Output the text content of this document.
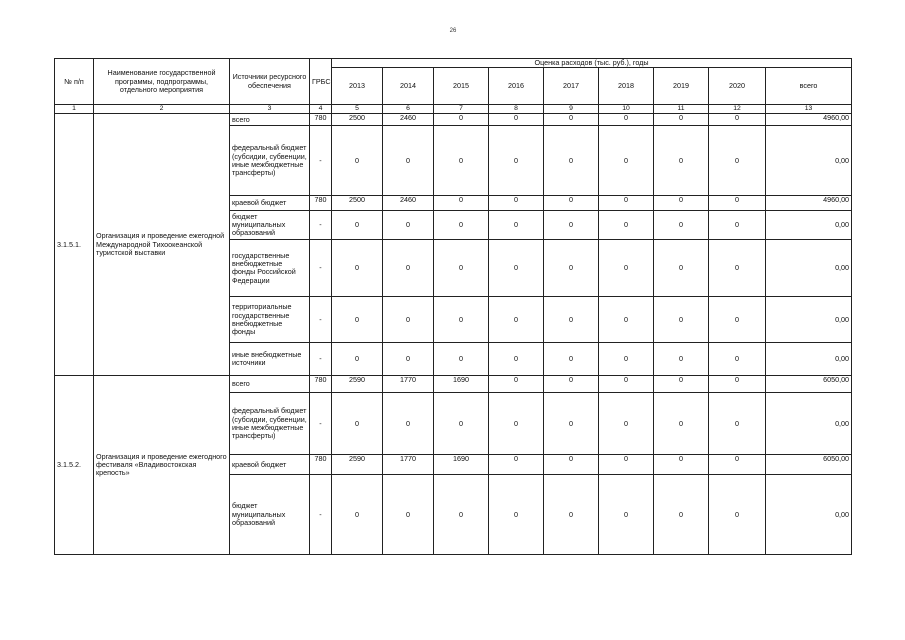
26
№ п/п	Наименование государственной программы, подпрограммы, отдельного мероприятия	Источники ресурсного обеспечения	ГРБС	Оценка расходов (тыс. руб.), годы								
				2013	2014	2015	2016	2017	2018	2019	2020	всего
1	2	3	4	5	6	7	8	9	10	11	12	13
3.1.5.1.	Организация и проведение ежегодной Международной Тихоокеанской туристской выставки	всего	780	2500	2460	0	0	0	0	0	0	4960,00
		федеральный бюджет (субсидии, субвенции, иные межбюджетные трансферты)	-	0	0	0	0	0	0	0	0	0,00
		краевой бюджет	780	2500	2460	0	0	0	0	0	0	4960,00
		бюджет муниципальных образований	-	0	0	0	0	0	0	0	0	0,00
		государственные внебюджетные фонды Российской Федерации	-	0	0	0	0	0	0	0	0	0,00
		территориальные государственные внебюджетные фонды	-	0	0	0	0	0	0	0	0	0,00
		иные внебюджетные источники	-	0	0	0	0	0	0	0	0	0,00
3.1.5.2.	Организация и проведение ежегодного фестиваля «Владивостокская крепость»	всего	780	2590	1770	1690	0	0	0	0	0	6050,00
		федеральный бюджет (субсидии, субвенции, иные межбюджетные трансферты)	-	0	0	0	0	0	0	0	0	0,00
		краевой бюджет	780	2590	1770	1690	0	0	0	0	0	6050,00
		бюджет муниципальных образований	-	0	0	0	0	0	0	0	0	0,00
